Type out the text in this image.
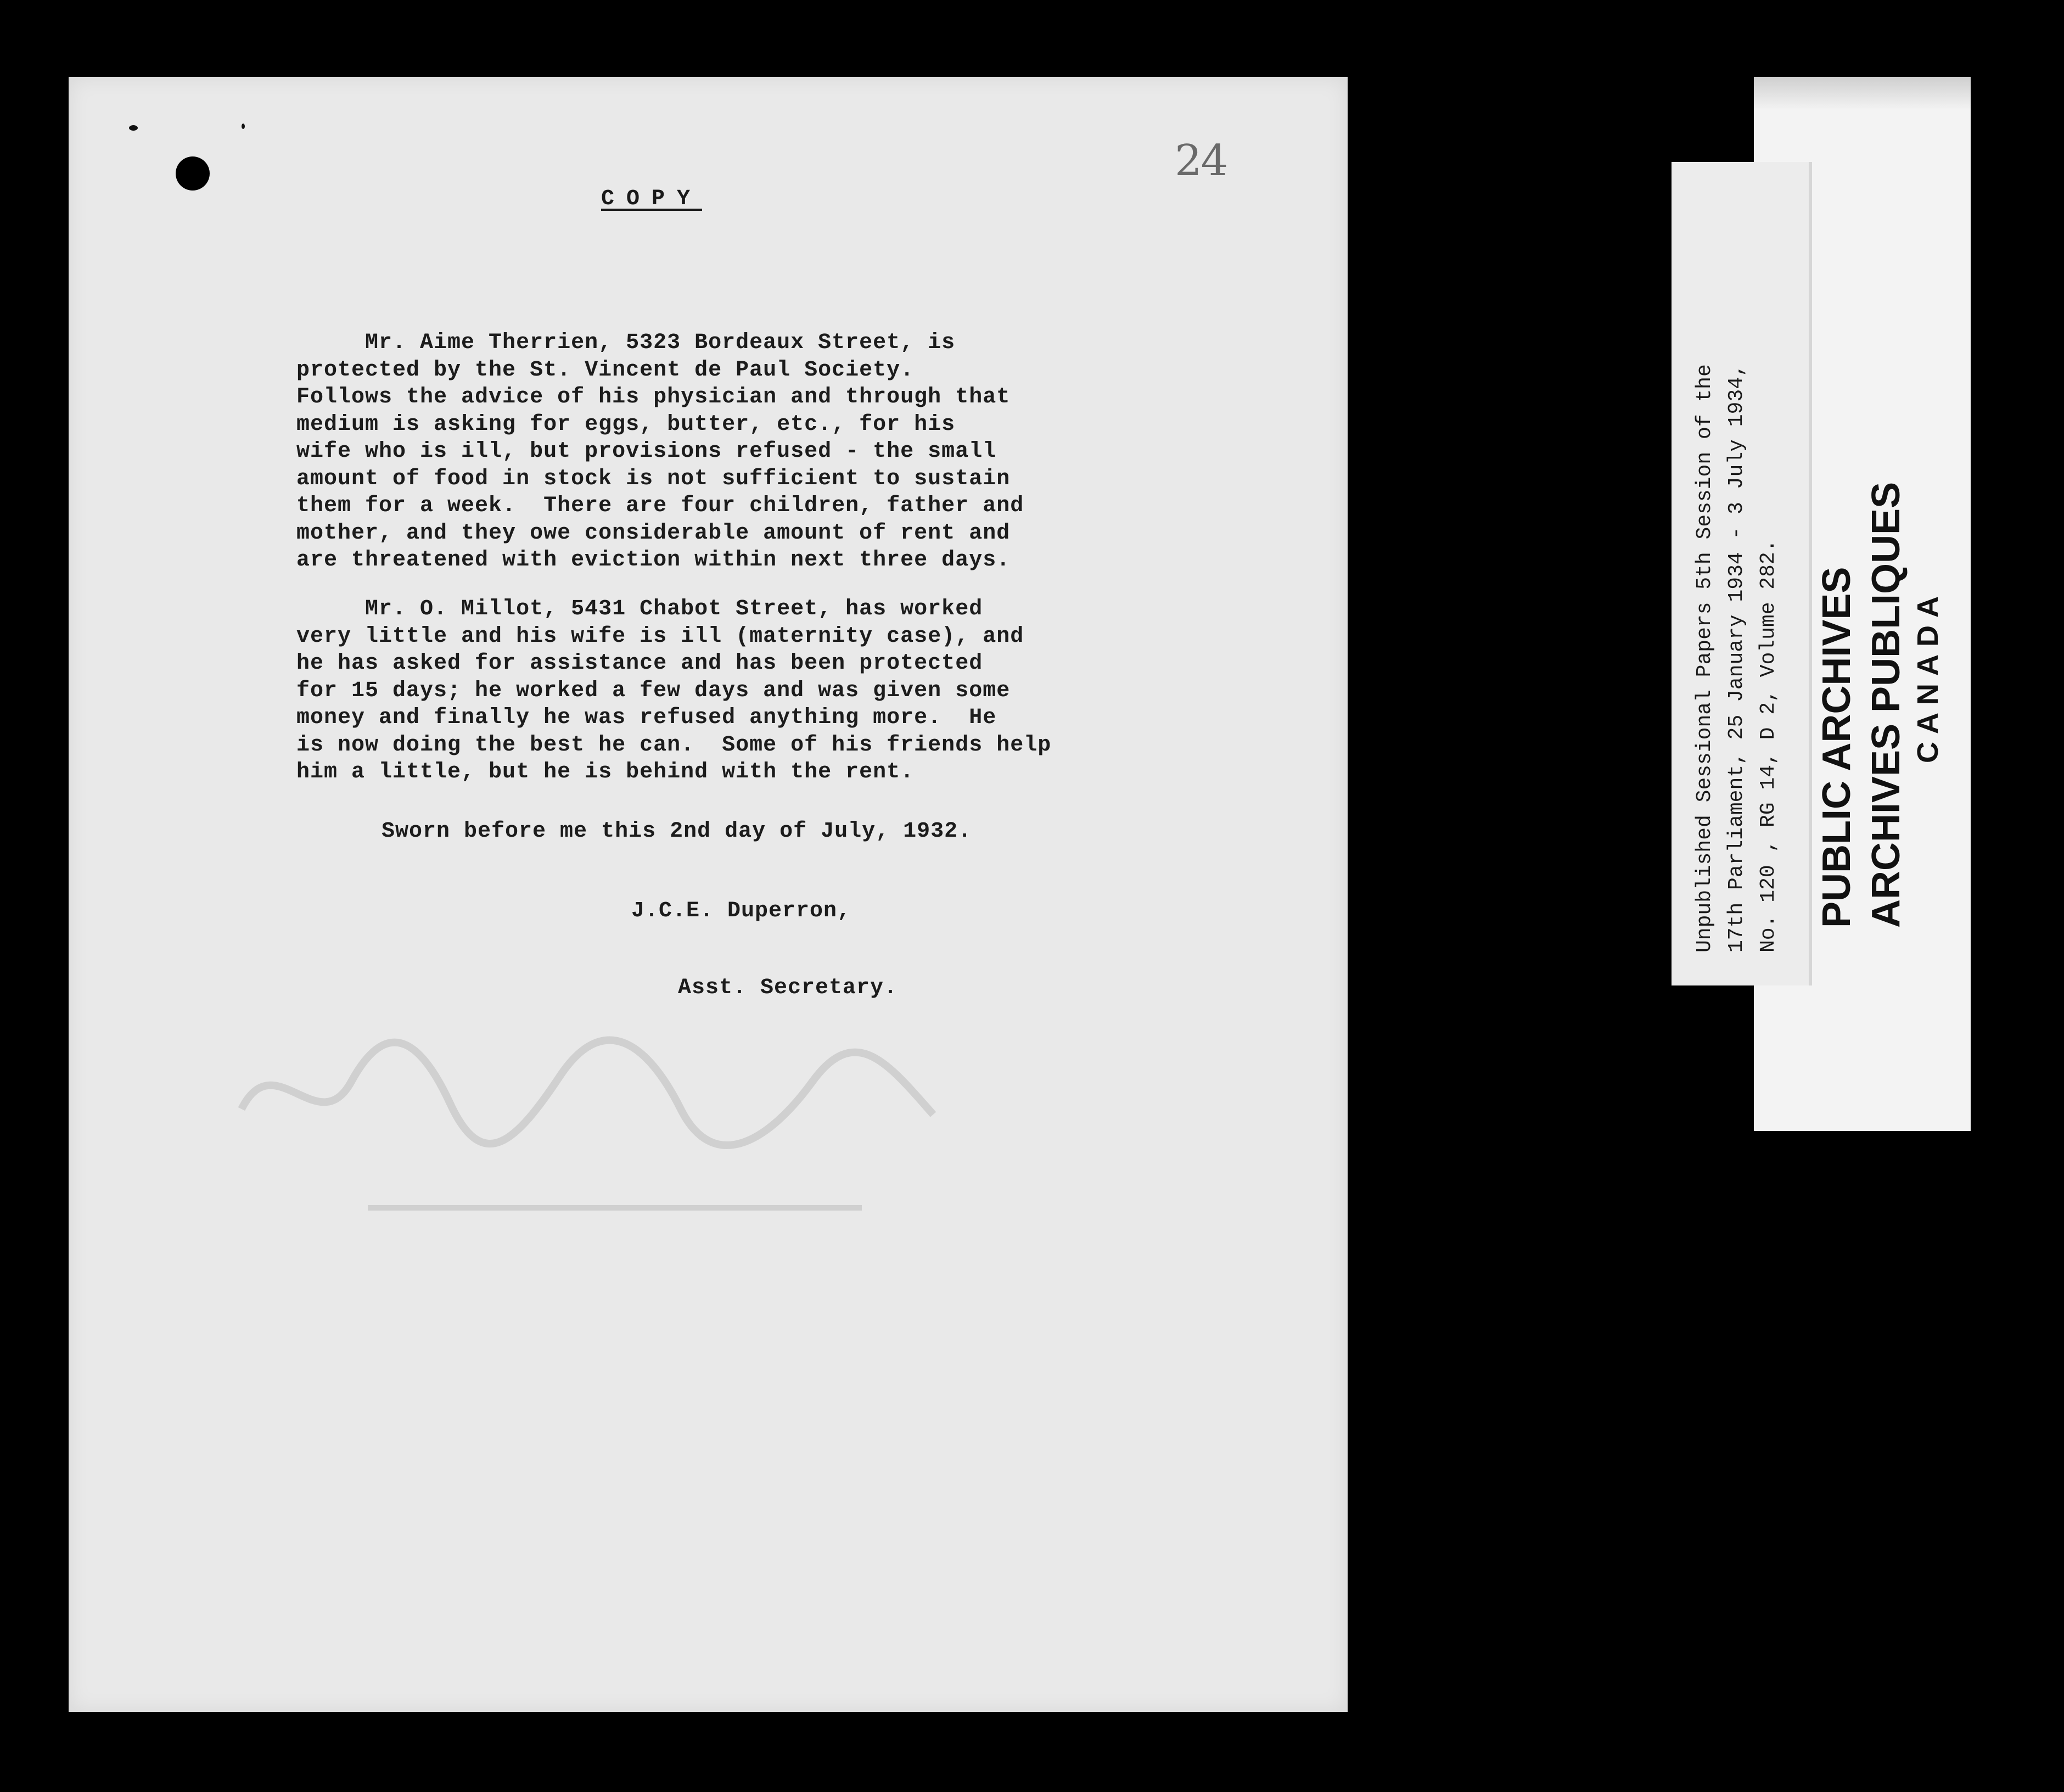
24
COPY
Mr. Aime Therrien, 5323 Bordeaux Street, is
protected by the St. Vincent de Paul Society.
Follows the advice of his physician and through that
medium is asking for eggs, butter, etc., for his
wife who is ill, but provisions refused - the small
amount of food in stock is not sufficient to sustain
them for a week.  There are four children, father and
mother, and they owe considerable amount of rent and
are threatened with eviction within next three days.
Mr. O. Millot, 5431 Chabot Street, has worked
very little and his wife is ill (maternity case), and
he has asked for assistance and has been protected
for 15 days; he worked a few days and was given some
money and finally he was refused anything more.  He
is now doing the best he can.  Some of his friends help
him a little, but he is behind with the rent.
Sworn before me this 2nd day of July, 1932.
J.C.E. Duperron,
Asst. Secretary.
Unpublished Sessional Papers 5th Session of the 17th Parliament, 25 January 1934 - 3 July 1934, No. 120 , RG 14, D 2, Volume 282. PUBLIC ARCHIVES ARCHIVES PUBLIQUES CANADA
